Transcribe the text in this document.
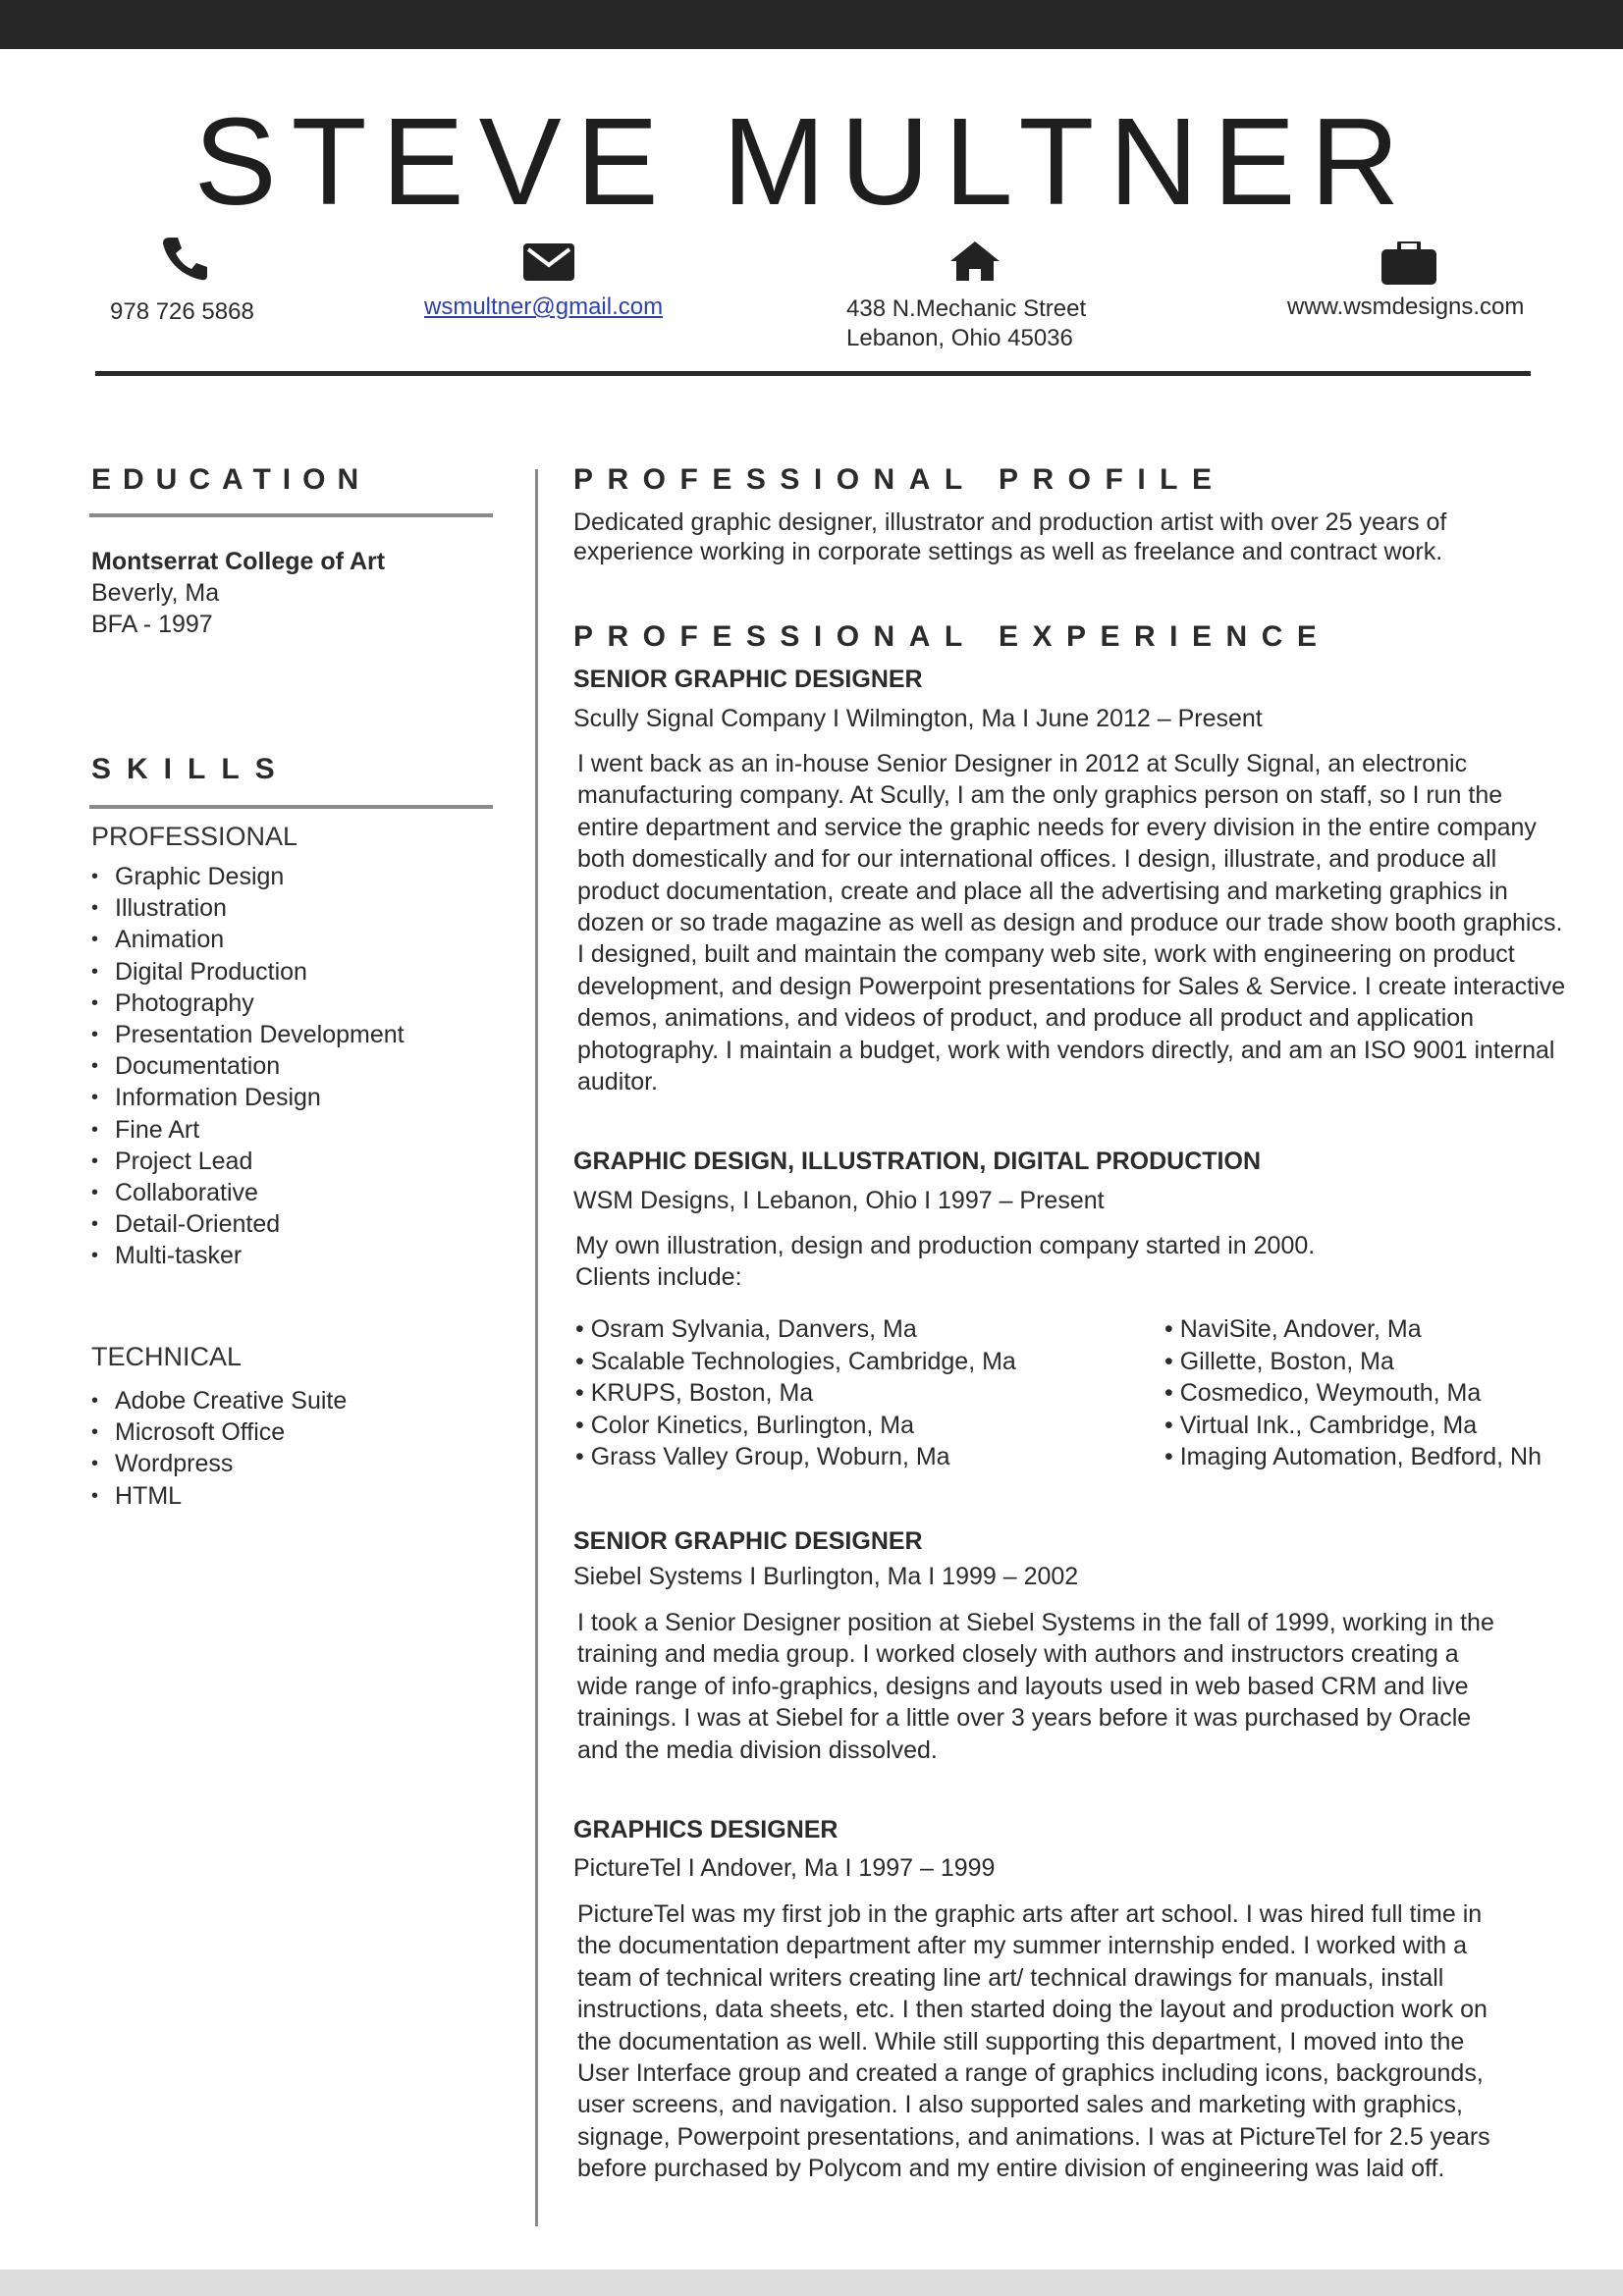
STEVE MULTNER
978 726 5868	wsmultner@gmail.com	438 N.Mechanic Street
Lebanon, Ohio 45036
www.wsmdesigns.com
EDUCATION
Montserrat College of Art
Beverly, Ma
BFA - 1997
SKILLS
PROFESSIONAL
• Graphic Design
• Illustration
• Animation
• Digital Production
• Photography
• Presentation Development
• Documentation
• Information Design
• Fine Art
• Project Lead
• Collaborative
• Detail-Oriented
• Multi-tasker
TECHNICAL
• Adobe Creative Suite
• Microsoft Office
• Wordpress
• HTML
PROFESSIONAL PROFILE
Dedicated graphic designer, illustrator and production artist with over 25 years of experience working in corporate settings as well as freelance and contract work.
PROFESSIONAL EXPERIENCE
SENIOR GRAPHIC DESIGNER
Scully Signal Company I Wilmington, Ma I June 2012 – Present
I went back as an in-house Senior Designer in 2012 at Scully Signal, an electronic manufacturing company. At Scully, I am the only graphics person on staff, so I run the entire department and service the graphic needs for every division in the entire company both domestically and for our international offices. I design, illustrate, and produce all product documentation, create and place all the advertising and marketing graphics in dozen or so trade magazine as well as design and produce our trade show booth graphics. I designed, built and maintain the company web site, work with engineering on product development, and design Powerpoint presentations for Sales & Service. I create interactive demos, animations, and videos of product, and produce all product and application photography. I maintain a budget, work with vendors directly, and am an ISO 9001 internal auditor.
GRAPHIC DESIGN, ILLUSTRATION, DIGITAL PRODUCTION
WSM Designs, I Lebanon, Ohio I 1997 – Present
My own illustration, design and production company started in 2000.
Clients include:
• Osram Sylvania, Danvers, Ma
• Scalable Technologies, Cambridge, Ma
• KRUPS, Boston, Ma
• Color Kinetics, Burlington, Ma
• Grass Valley Group, Woburn, Ma
• NaviSite, Andover, Ma
• Gillette, Boston, Ma
• Cosmedico, Weymouth, Ma
• Virtual Ink., Cambridge, Ma
• Imaging Automation, Bedford, Nh
SENIOR GRAPHIC DESIGNER
Siebel Systems I Burlington, Ma I 1999 – 2002
I took a Senior Designer position at Siebel Systems in the fall of 1999, working in the training and media group. I worked closely with authors and instructors creating a wide range of info-graphics, designs and layouts used in web based CRM and live trainings. I was at Siebel for a little over 3 years before it was purchased by Oracle and the media division dissolved.
GRAPHICS DESIGNER
PictureTel I Andover, Ma I 1997 – 1999
PictureTel was my first job in the graphic arts after art school. I was hired full time in the documentation department after my summer internship ended. I worked with a team of technical writers creating line art/ technical drawings for manuals, install instructions, data sheets, etc. I then started doing the layout and production work on the documentation as well. While still supporting this department, I moved into the User Interface group and created a range of graphics including icons, backgrounds, user screens, and navigation. I also supported sales and marketing with graphics, signage, Powerpoint presentations, and animations. I was at PictureTel for 2.5 years before purchased by Polycom and my entire division of engineering was laid off.
